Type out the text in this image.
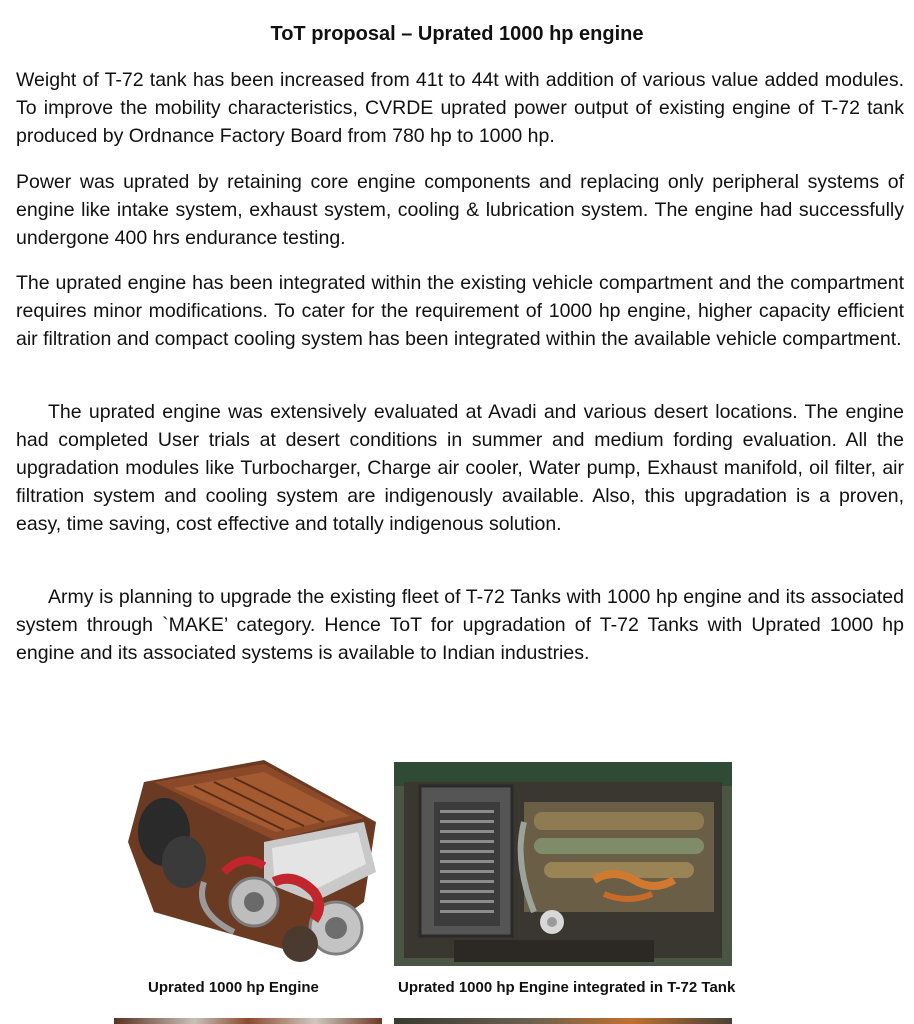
ToT proposal – Uprated 1000 hp engine

Weight of T-72 tank has been increased from 41t to 44t with addition of various value added modules. To improve the mobility characteristics, CVRDE uprated power output of existing engine of T-72 tank produced by Ordnance Factory Board from 780 hp to 1000 hp.

Power was uprated by retaining core engine components and replacing only peripheral systems of engine like intake system, exhaust system, cooling & lubrication system. The engine had successfully undergone 400 hrs endurance testing.

The uprated engine has been integrated within the existing vehicle compartment and the compartment requires minor modifications. To cater for the requirement of 1000 hp engine, higher capacity efficient air filtration and compact cooling system has been integrated within the available vehicle compartment.

The uprated engine was extensively evaluated at Avadi and various desert locations. The engine had completed User trials at desert conditions in summer and medium fording evaluation. All the upgradation modules like Turbocharger, Charge air cooler, Water pump, Exhaust manifold, oil filter, air filtration system and cooling system are indigenously available. Also, this upgradation is a proven, easy, time saving, cost effective and totally indigenous solution.

Army is planning to upgrade the existing fleet of T-72 Tanks with 1000 hp engine and its associated system through `MAKE’ category. Hence ToT for upgradation of T-72 Tanks with Uprated 1000 hp engine and its associated systems is available to Indian industries.

Uprated 1000 hp Engine	Uprated 1000 hp Engine integrated in T-72 Tank
